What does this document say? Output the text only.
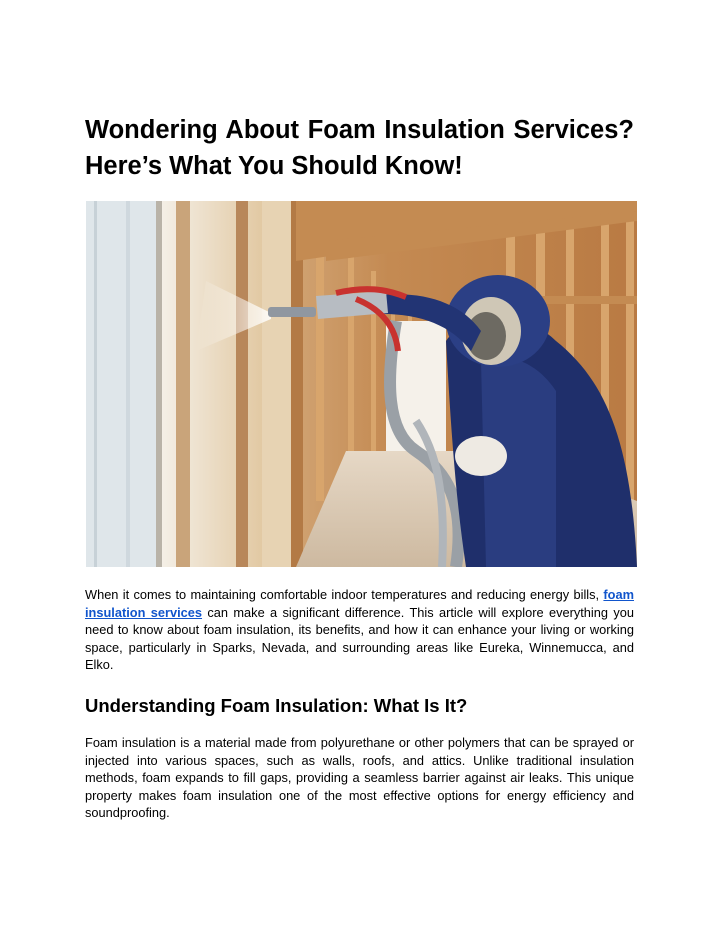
Wondering About Foam Insulation Services? Here’s What You Should Know!

When it comes to maintaining comfortable indoor temperatures and reducing energy bills, foam insulation services can make a significant difference. This article will explore everything you need to know about foam insulation, its benefits, and how it can enhance your living or working space, particularly in Sparks, Nevada, and surrounding areas like Eureka, Winnemucca, and Elko.

Understanding Foam Insulation: What Is It?

Foam insulation is a material made from polyurethane or other polymers that can be sprayed or injected into various spaces, such as walls, roofs, and attics. Unlike traditional insulation methods, foam expands to fill gaps, providing a seamless barrier against air leaks. This unique property makes foam insulation one of the most effective options for energy efficiency and soundproofing.
